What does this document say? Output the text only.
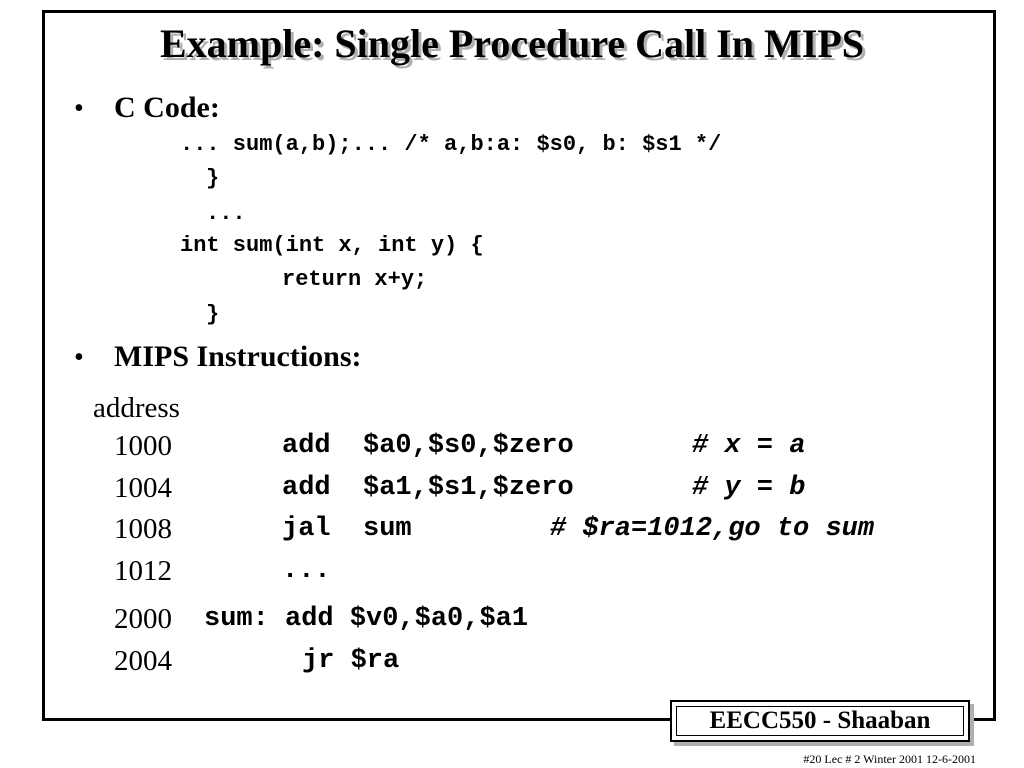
Example: Single Procedure Call In MIPS
• C Code:
... sum(a,b);... /* a,b:a: $s0, b: $s1 */
}
...
int sum(int x, int y) {
return x+y;
}
• MIPS Instructions:
address
1000	add  $a0,$s0,$zero	# x = a
1004	add  $a1,$s1,$zero	# y = b
1008	jal  sum	# $ra=1012,go to sum
1012	...
2000 sum: add $v0,$a0,$a1
2004	jr $ra
EECC550 - Shaaban
#20 Lec # 2 Winter 2001 12-6-2001
